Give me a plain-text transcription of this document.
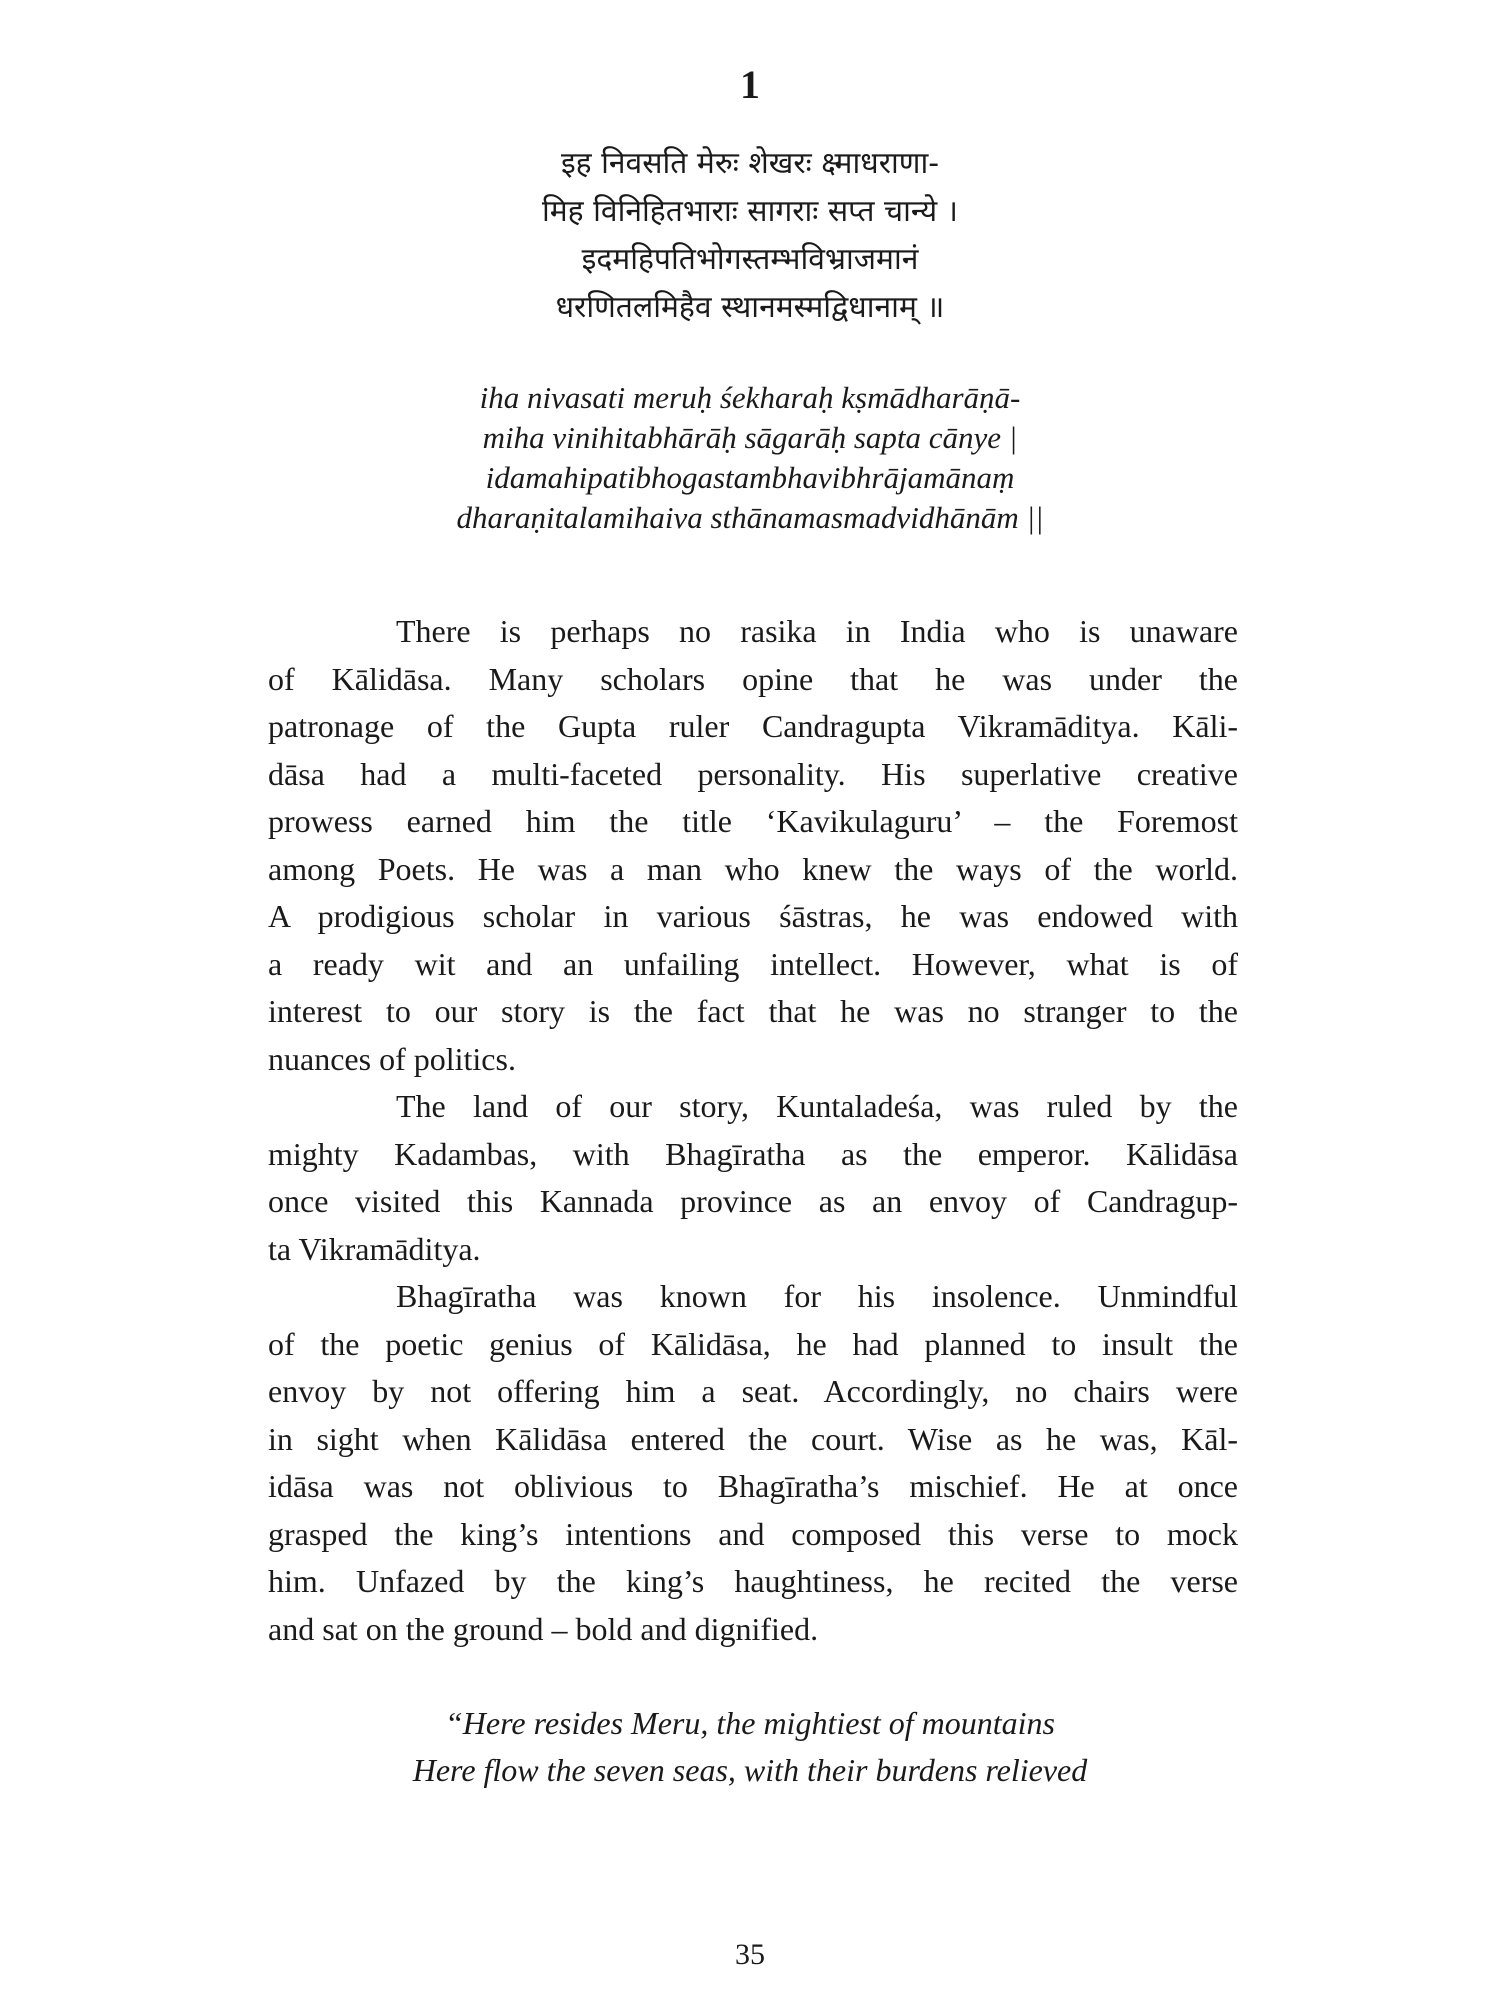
1
इह निवसति मेरुः शेखरः क्ष्माधराणा-
मिह विनिहितभाराः सागराः सप्त चान्ये ।
इदमहिपतिभोगस्तम्भविभ्राजमानं
धरणितलमिहैव स्थानमस्मद्विधानाम् ॥
iha nivasati meruḥ śekharaḥ kṣmādharāṇā-
miha vinihitabhārāḥ sāgarāḥ sapta cānye |
idamahipatibhogastambhavibhrājamānaṃ
dharaṇitalamihaiva sthānamasmadvidhānām ||
There is perhaps no rasika in India who is unaware
of Kālidāsa. Many scholars opine that he was under the
patronage of the Gupta ruler Candragupta Vikramāditya. Kāli-
dāsa had a multi-faceted personality. His superlative creative
prowess earned him the title ‘Kavikulaguru’ – the Foremost
among Poets. He was a man who knew the ways of the world.
A prodigious scholar in various śāstras, he was endowed with
a ready wit and an unfailing intellect. However, what is of
interest to our story is the fact that he was no stranger to the
nuances of politics.
The land of our story, Kuntaladeśa, was ruled by the
mighty Kadambas, with Bhagīratha as the emperor. Kālidāsa
once visited this Kannada province as an envoy of Candragup-
ta Vikramāditya.
Bhagīratha was known for his insolence. Unmindful
of the poetic genius of Kālidāsa, he had planned to insult the
envoy by not offering him a seat. Accordingly, no chairs were
in sight when Kālidāsa entered the court. Wise as he was, Kāl-
idāsa was not oblivious to Bhagīratha’s mischief. He at once
grasped the king’s intentions and composed this verse to mock
him. Unfazed by the king’s haughtiness, he recited the verse
and sat on the ground – bold and dignified.
“Here resides Meru, the mightiest of mountains
Here flow the seven seas, with their burdens relieved
35
